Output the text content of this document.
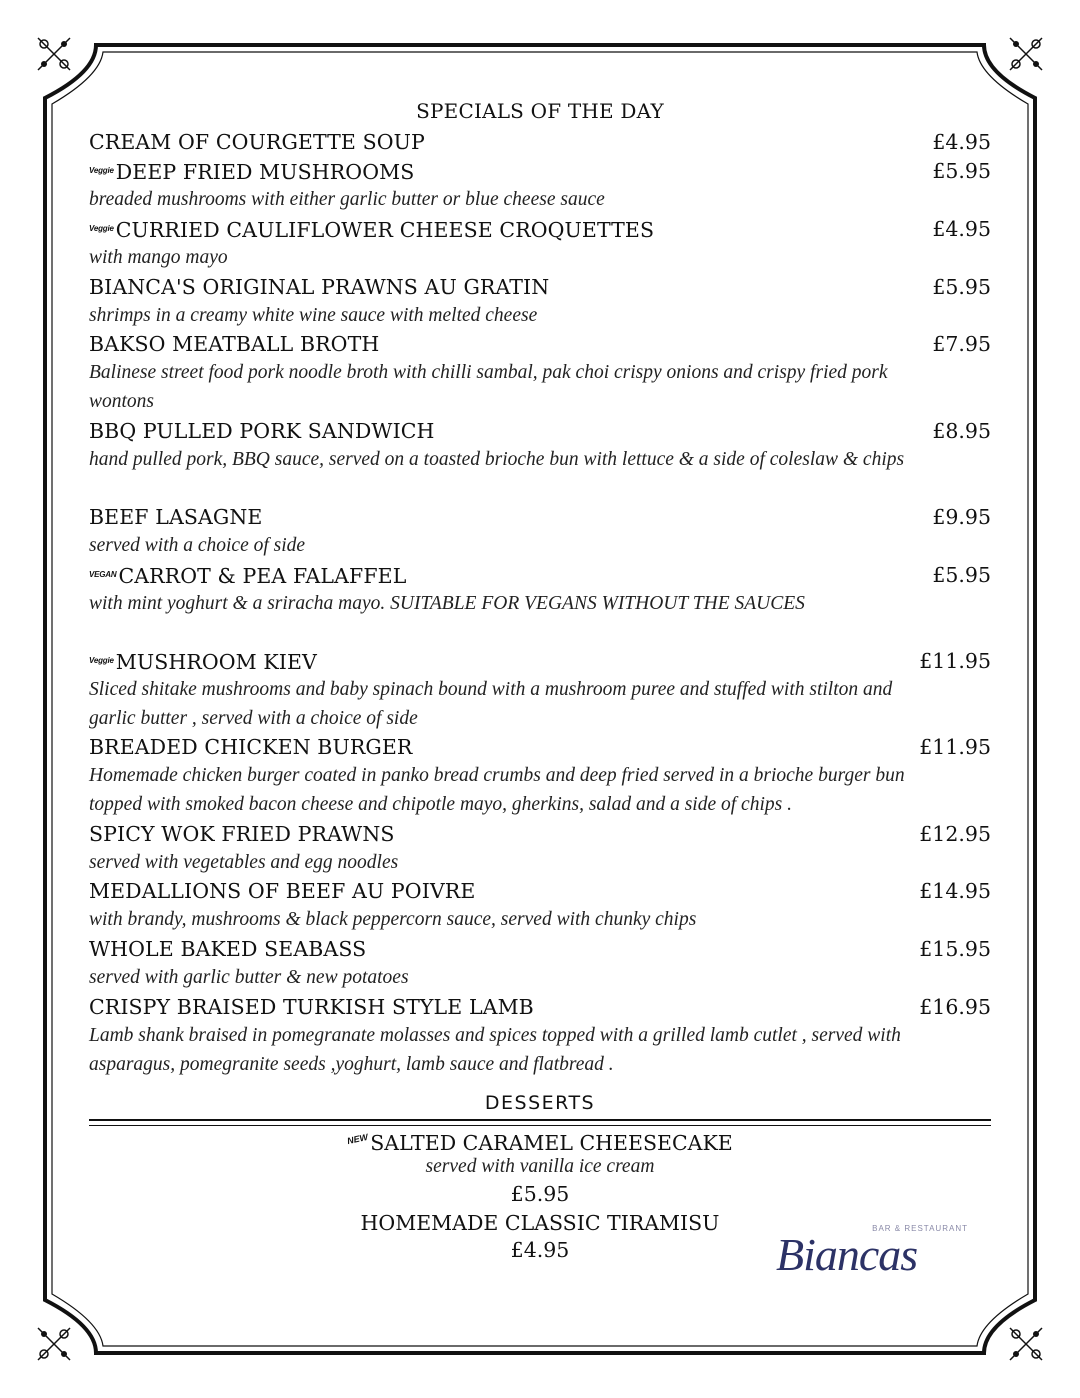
SPECIALS OF THE DAY
CREAM OF COURGETTE SOUP	£4.95
VeggieDEEP FRIED MUSHROOMS	£5.95
breaded mushrooms with either garlic butter or blue cheese sauce
VeggieCURRIED CAULIFLOWER CHEESE CROQUETTES	£4.95
with mango mayo
BIANCA'S ORIGINAL PRAWNS AU GRATIN	£5.95
shrimps in a creamy white wine sauce with melted cheese
BAKSO MEATBALL BROTH	£7.95
Balinese street food pork noodle broth with chilli sambal, pak choi crispy onions and crispy fried pork wontons
BBQ PULLED PORK SANDWICH	£8.95
hand pulled pork, BBQ sauce, served on a toasted brioche bun with lettuce & a side of coleslaw & chips
BEEF LASAGNE	£9.95
served with a choice of side
VEGANCARROT & PEA FALAFFEL	£5.95
with mint yoghurt & a sriracha mayo. SUITABLE FOR VEGANS WITHOUT THE SAUCES
VeggieMUSHROOM KIEV	£11.95
Sliced shitake mushrooms and baby spinach bound with a mushroom puree and stuffed with stilton and garlic butter , served with a choice of side
BREADED CHICKEN BURGER	£11.95
Homemade chicken burger coated in panko bread crumbs and deep fried served in a brioche burger bun topped with smoked bacon cheese and chipotle mayo, gherkins, salad and a side of chips .
SPICY WOK FRIED PRAWNS	£12.95
served with vegetables and egg noodles
MEDALLIONS OF BEEF AU POIVRE	£14.95
with brandy, mushrooms & black peppercorn sauce, served with chunky chips
WHOLE BAKED SEABASS	£15.95
served with garlic butter & new potatoes
CRISPY BRAISED TURKISH STYLE LAMB	£16.95
Lamb shank braised in pomegranate molasses and spices topped with a grilled lamb cutlet , served with asparagus, pomegranite seeds ,yoghurt, lamb sauce and flatbread .
DESSERTS
NEWSALTED CARAMEL CHEESECAKE
served with vanilla ice cream
£5.95
HOMEMADE CLASSIC TIRAMISU
£4.95
BAR & RESTAURANT
Biancas
